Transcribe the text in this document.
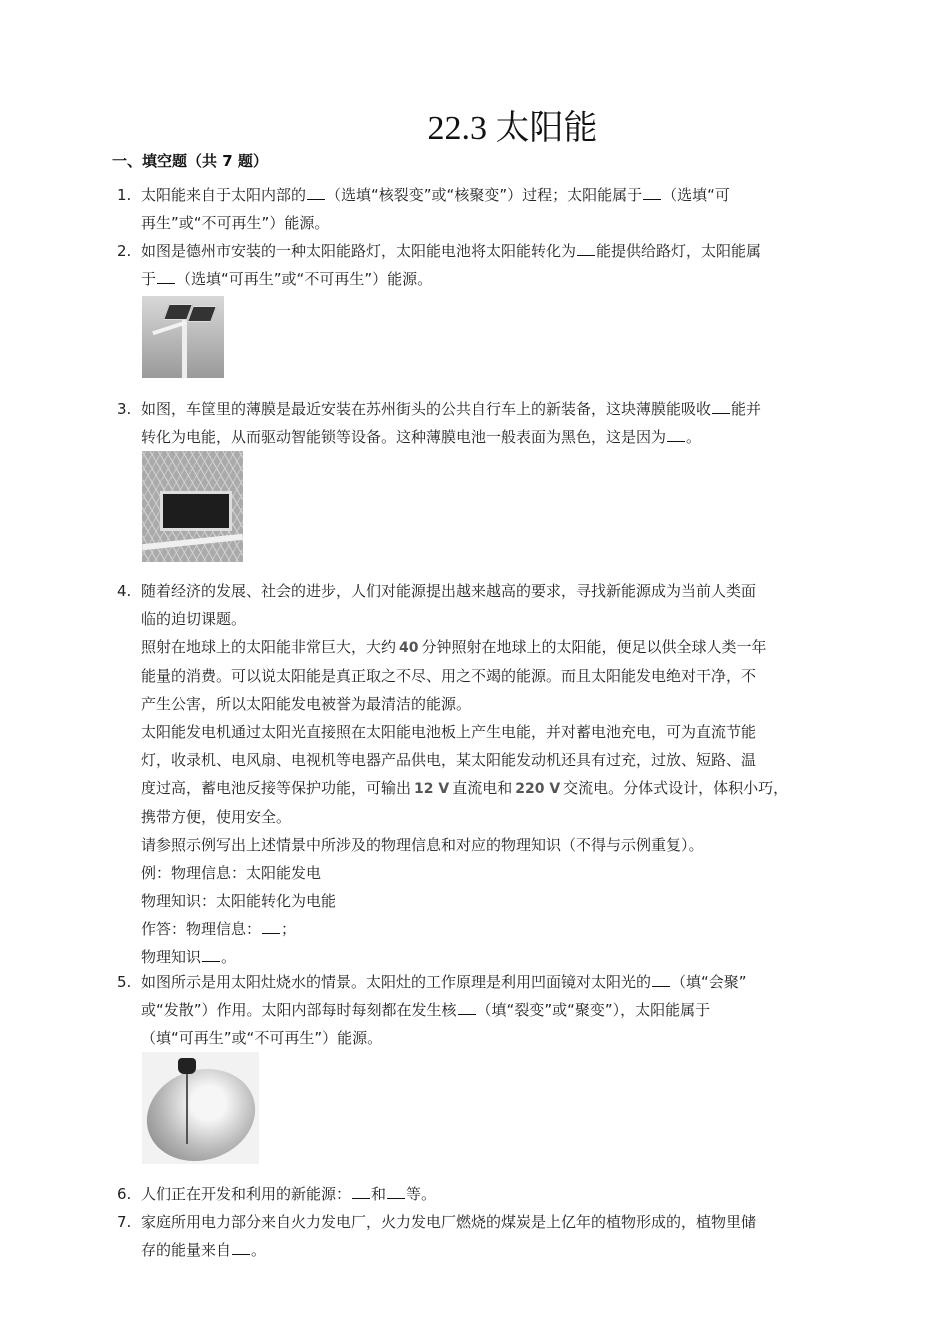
22.3 太阳能
一、填空题（共 7 题）
1. 太阳能来自于太阳内部的 （选填“核裂变”或“核聚变”）过程；太阳能属于 （选填“可

再生”或“不可再生”）能源。

2. 如图是德州市安装的一种太阳能路灯，太阳能电池将太阳能转化为 能提供给路灯，太阳能属

于 （选填“可再生”或“不可再生”）能源。

3. 如图，车筐里的薄膜是最近安装在苏州街头的公共自行车上的新装备，这块薄膜能吸收 能并

转化为电能，从而驱动智能锁等设备。这种薄膜电池一般表面为黑色，这是因为 。

4. 随着经济的发展、社会的进步，人们对能源提出越来越高的要求，寻找新能源成为当前人类面

临的迫切课题。

照射在地球上的太阳能非常巨大，大约 40 分钟照射在地球上的太阳能，便足以供全球人类一年

能量的消费。可以说太阳能是真正取之不尽、用之不竭的能源。而且太阳能发电绝对干净，不

产生公害，所以太阳能发电被誉为最清洁的能源。

太阳能发电机通过太阳光直接照在太阳能电池板上产生电能，并对蓄电池充电，可为直流节能

灯，收录机、电风扇、电视机等电器产品供电，某太阳能发动机还具有过充，过放、短路、温

度过高，蓄电池反接等保护功能，可输出 12 V 直流电和 220 V 交流电。分体式设计，体积小巧，

携带方便，使用安全。

请参照示例写出上述情景中所涉及的物理信息和对应的物理知识（不得与示例重复）。

例：物理信息：太阳能发电

物理知识：太阳能转化为电能

作答：物理信息： ；

物理知识 。

5. 如图所示是用太阳灶烧水的情景。太阳灶的工作原理是利用凹面镜对太阳光的 （填“会聚”

或“发散”）作用。太阳内部每时每刻都在发生核 （填“裂变”或“聚变”），太阳能属于

（填“可再生”或“不可再生”）能源。

6. 人们正在开发和利用的新能源： 和 等。

7. 家庭所用电力部分来自火力发电厂，火力发电厂燃烧的煤炭是上亿年的植物形成的，植物里储

存的能量来自 。
